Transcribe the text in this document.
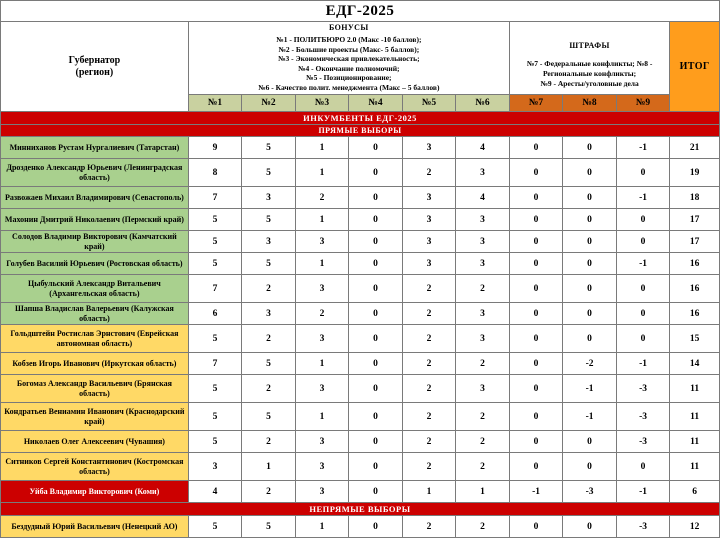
ЕДГ-2025										

Губернатор
(регион)

БОНУСЫ
№1 - ПОЛИТБЮРО 2.0 (Макс -10 баллов);
№2 - Большие проекты (Макс- 5 баллов);
№3 - Экономическая привлекательность;
№4 - Окончание полномочий;
№5 - Позиционирование;
№6 - Качество полит. менеджмента (Макс – 5 баллов)

ШТРАФЫ
№7 - Федеральные конфликты; №8 -
Региональные конфликты;
№9 - Аресты/уголовные дела
	ИТОГ
	№1	№2	№3	№4	№5	№6	№7	№8	№9	
ИНКУМБЕНТЫ ЕДГ-2025										
ПРЯМЫЕ ВЫБОРЫ										
Минниханов Рустам Нургалиевич (Татарстан)	9	5	1	0	3	4	0	0	-1	21
Дрозденко Александр Юрьевич (Ленинградская область)	8	5	1	0	2	3	0	0	0	19
Развожаев Михаил Владимирович (Севастополь)	7	3	2	0	3	4	0	0	-1	18
Махонин Дмитрий Николаевич (Пермский край)	5	5	1	0	3	3	0	0	0	17
Солодов Владимир Викторович (Камчатский край)	5	3	3	0	3	3	0	0	0	17
Голубев Василий Юрьевич (Ростовская область)	5	5	1	0	3	3	0	0	-1	16
Цыбульский Александр Витальевич (Архангельская область)	7	2	3	0	2	2	0	0	0	16
Шапша Владислав Валерьевич (Калужская область)	6	3	2	0	2	3	0	0	0	16
Гольдштейн Ростислав Эрнстович (Еврейская автономная область)	5	2	3	0	2	3	0	0	0	15
Кобзев Игорь Иванович (Иркутская область)	7	5	1	0	2	2	0	-2	-1	14
Богомаз Александр Васильевич (Брянская область)	5	2	3	0	2	3	0	-1	-3	11
Кондратьев Вениамин Иванович (Краснодарский край)	5	5	1	0	2	2	0	-1	-3	11
Николаев Олег Алексеевич (Чувашия)	5	2	3	0	2	2	0	0	-3	11
Ситников Сергей Константинович (Костромская область)	3	1	3	0	2	2	0	0	0	11
Уйба Владимир Викторович (Коми)	4	2	3	0	1	1	-1	-3	-1	6
НЕПРЯМЫЕ ВЫБОРЫ										
Бездудный Юрий Васильевич (Ненецкий АО)	5	5	1	0	2	2	0	0	-3	12
